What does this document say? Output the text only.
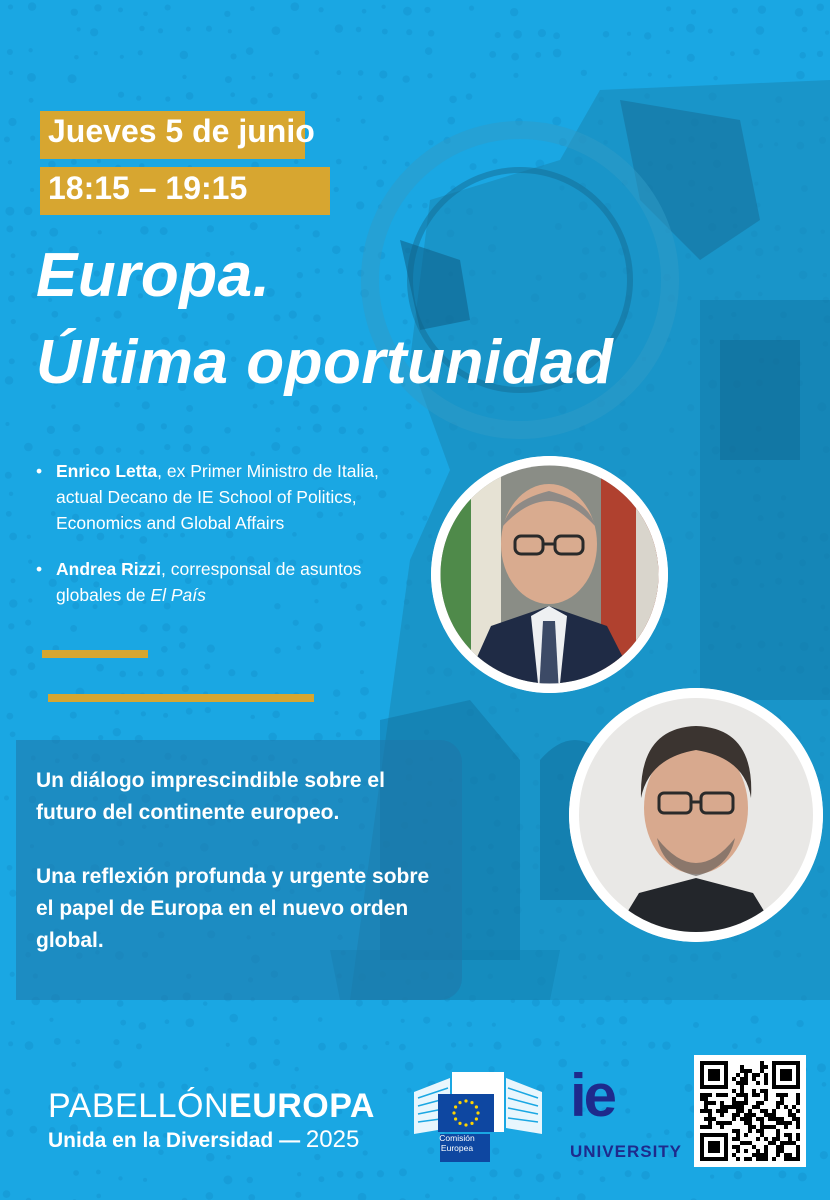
Jueves 5 de junio
18:15 – 19:15
Europa.
Última oportunidad
• Enrico Letta, ex Primer Ministro de Italia, actual Decano de IE School of Politics, Economics and Global Affairs
• Andrea Rizzi, corresponsal de asuntos globales de El País

Un diálogo imprescindible sobre el futuro del continente europeo.

Una reflexión profunda y urgente sobre el papel de Europa en el nuevo orden global.

PABELLÓNEUROPA
Unida en la Diversidad — 2025	Comisión Europea
ie
UNIVERSITY
